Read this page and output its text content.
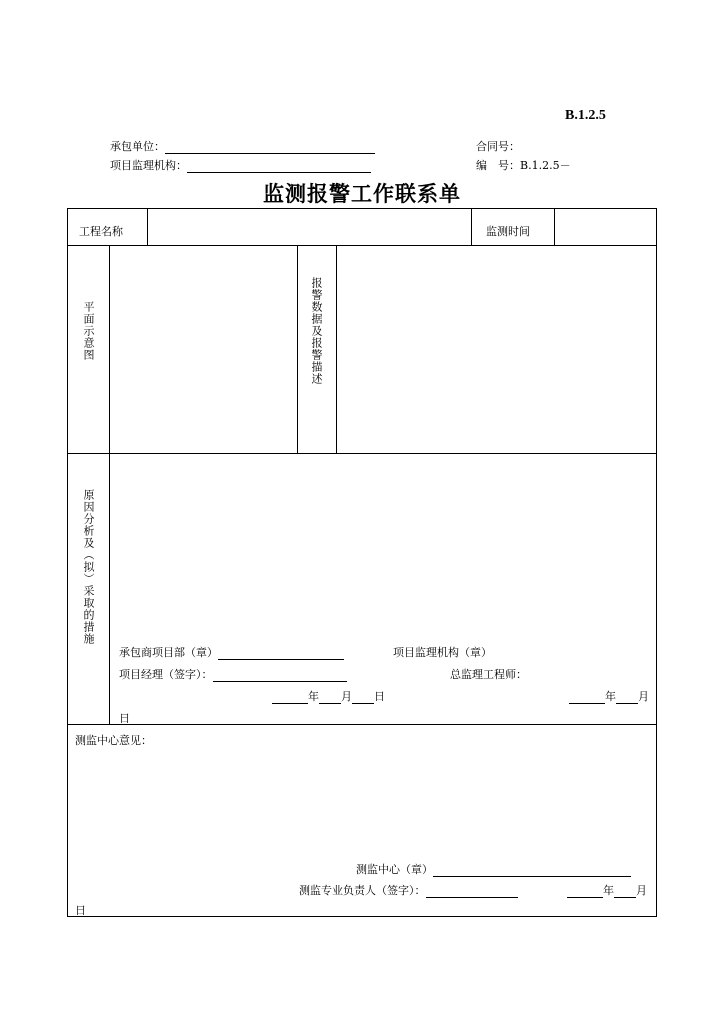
B.1.2.5
承包单位：	合同号：
项目监理机构：	编　号：B.1.2.5－
监测报警工作联系单
工程名称	监测时间
平面示意图	报警数据及报警描述
原因分析及（拟）采取的措施
承包商项目部（章）	项目监理机构（章）
项目经理（签字）：	总监理工程师：
年 月 日	年 月
日
测监中心意见：
测监中心（章）
测监专业负责人（签字）：	年 月
日
